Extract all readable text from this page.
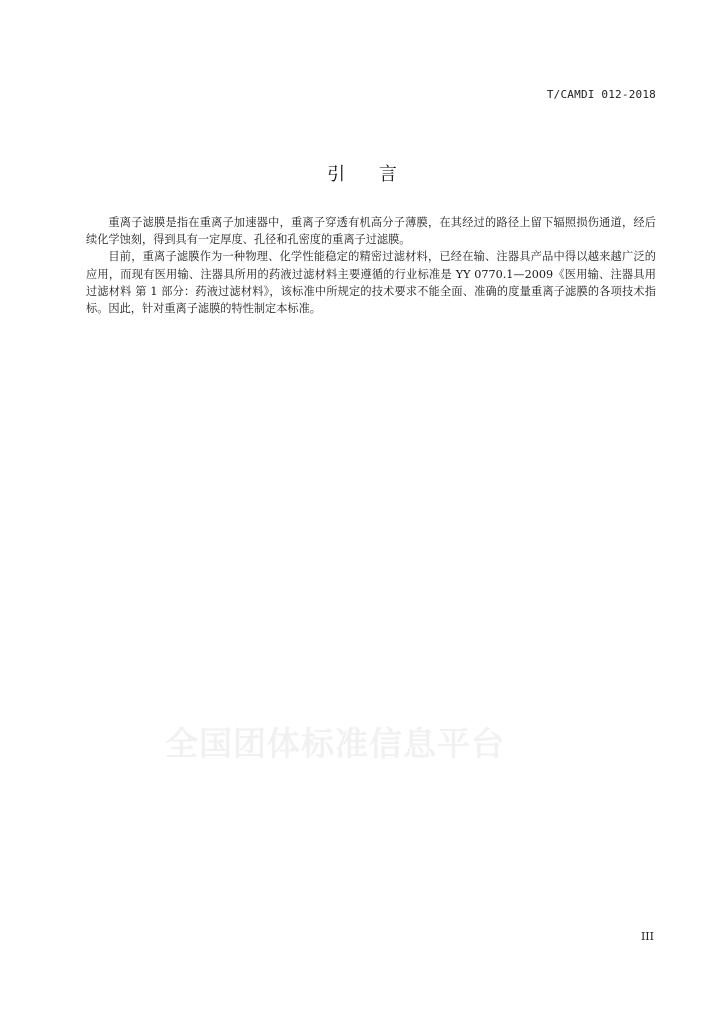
T/CAMDI 012-2018
引 言

重离子滤膜是指在重离子加速器中，重离子穿透有机高分子薄膜，在其经过的路径上留下辐照损伤通道，经后续化学蚀刻，得到具有一定厚度、孔径和孔密度的重离子过滤膜。

目前，重离子滤膜作为一种物理、化学性能稳定的精密过滤材料，已经在输、注器具产品中得以越来越广泛的应用，而现有医用输、注器具所用的药液过滤材料主要遵循的行业标准是 YY 0770.1—2009《医用输、注器具用过滤材料 第 1 部分：药液过滤材料》，该标准中所规定的技术要求不能全面、准确的度量重离子滤膜的各项技术指标。因此，针对重离子滤膜的特性制定本标准。

全国团体标准信息平台
III
